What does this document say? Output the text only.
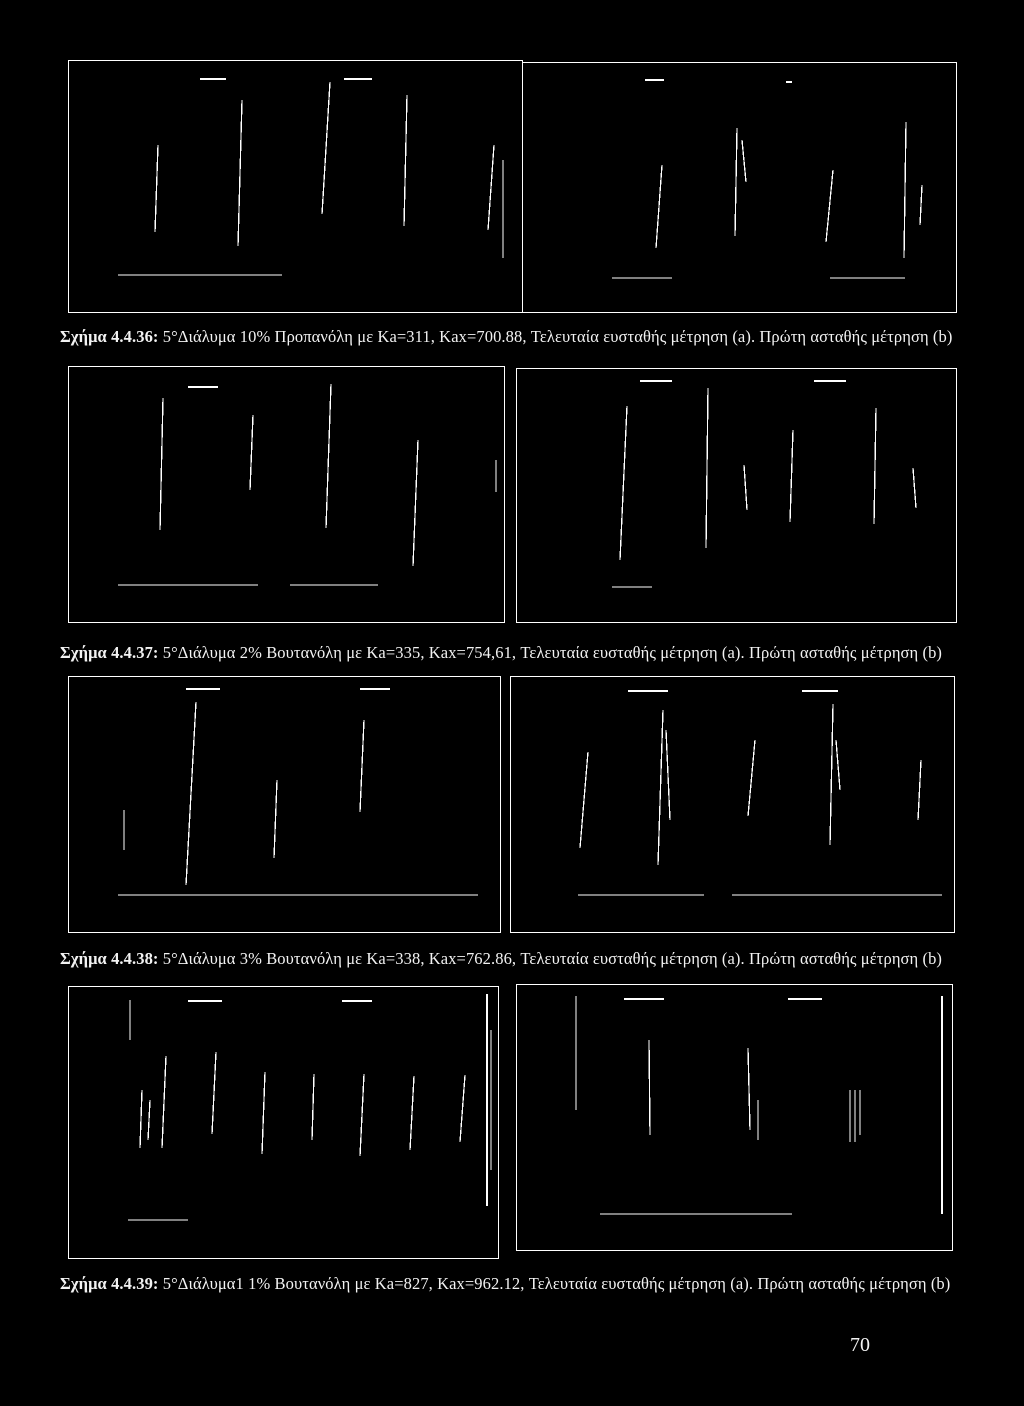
Σχήμα 4.4.36: 5°Διάλυμα 10% Προπανόλη με Ka=311, Kax=700.88, Τελευταία ευσταθής μέτρηση (a). Πρώτη ασταθής μέτρηση (b)
Σχήμα 4.4.37: 5°Διάλυμα 2% Βουτανόλη με Ka=335, Kax=754,61, Τελευταία ευσταθής μέτρηση (a). Πρώτη ασταθής μέτρηση (b)
Σχήμα 4.4.38: 5°Διάλυμα 3% Βουτανόλη με Ka=338, Kax=762.86, Τελευταία ευσταθής μέτρηση (a). Πρώτη ασταθής μέτρηση (b)
Σχήμα 4.4.39: 5°Διάλυμα1 1% Βουτανόλη με Ka=827, Kax=962.12, Τελευταία ευσταθής μέτρηση (a). Πρώτη ασταθής μέτρηση (b)
70
